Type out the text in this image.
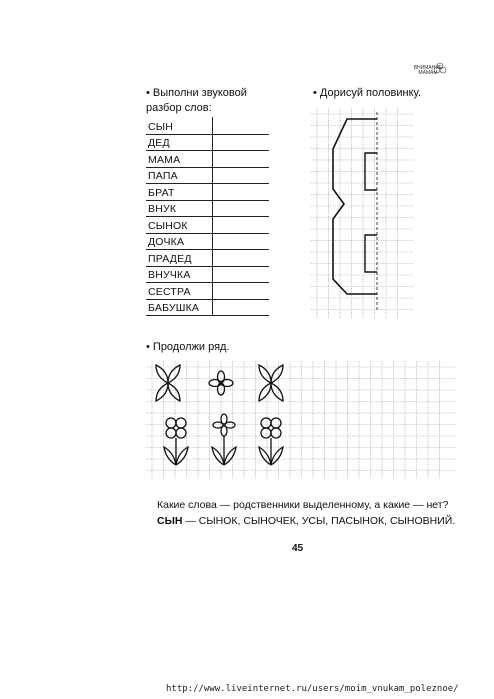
ВНИМАНИЕ
МАМАМ
• Выполни звуковой
разбор слов:
СЫН
ДЕД
МАМА
ПАПА
БРАТ
ВНУК
СЫНОК
ДОЧКА
ПРАДЕД
ВНУЧКА
СЕСТРА
БАБУШКА
• Дорисуй половинку.
• Продолжи ряд.
Какие слова — родственники выделенному, а какие — нет?
СЫН — СЫНОК, СЫНОЧЕК, УСЫ, ПАСЫНОК, СЫНОВНИЙ.
45
http://www.liveinternet.ru/users/moim_vnukam_poleznoe/
